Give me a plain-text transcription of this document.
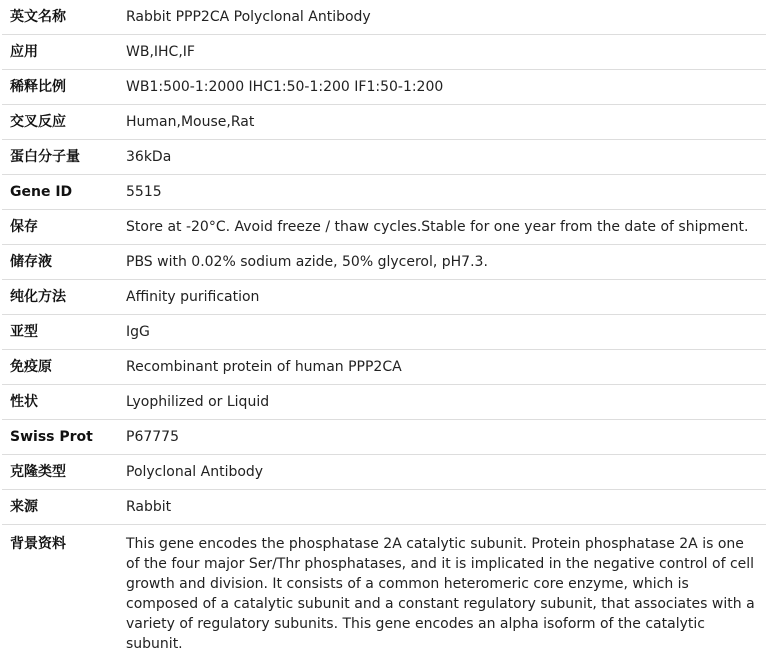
英文名称	Rabbit PPP2CA Polyclonal Antibody
应用	WB,IHC,IF
稀释比例	WB1:500-1:2000 IHC1:50-1:200 IF1:50-1:200
交叉反应	Human,Mouse,Rat
蛋白分子量	36kDa
Gene ID	5515
保存	Store at -20°C. Avoid freeze / thaw cycles.Stable for one year from the date of shipment.
储存液	PBS with 0.02% sodium azide, 50% glycerol, pH7.3.
纯化方法	Affinity purification
亚型	IgG
免疫原	Recombinant protein of human PPP2CA
性状	Lyophilized or Liquid
Swiss Prot	P67775
克隆类型	Polyclonal Antibody
来源	Rabbit
背景资料	This gene encodes the phosphatase 2A catalytic subunit. Protein phosphatase 2A is one of the four major Ser/Thr phosphatases, and it is implicated in the negative control of cell growth and division. It consists of a common heteromeric core enzyme, which is composed of a catalytic subunit and a constant regulatory subunit, that associates with a variety of regulatory subunits. This gene encodes an alpha isoform of the catalytic subunit.
